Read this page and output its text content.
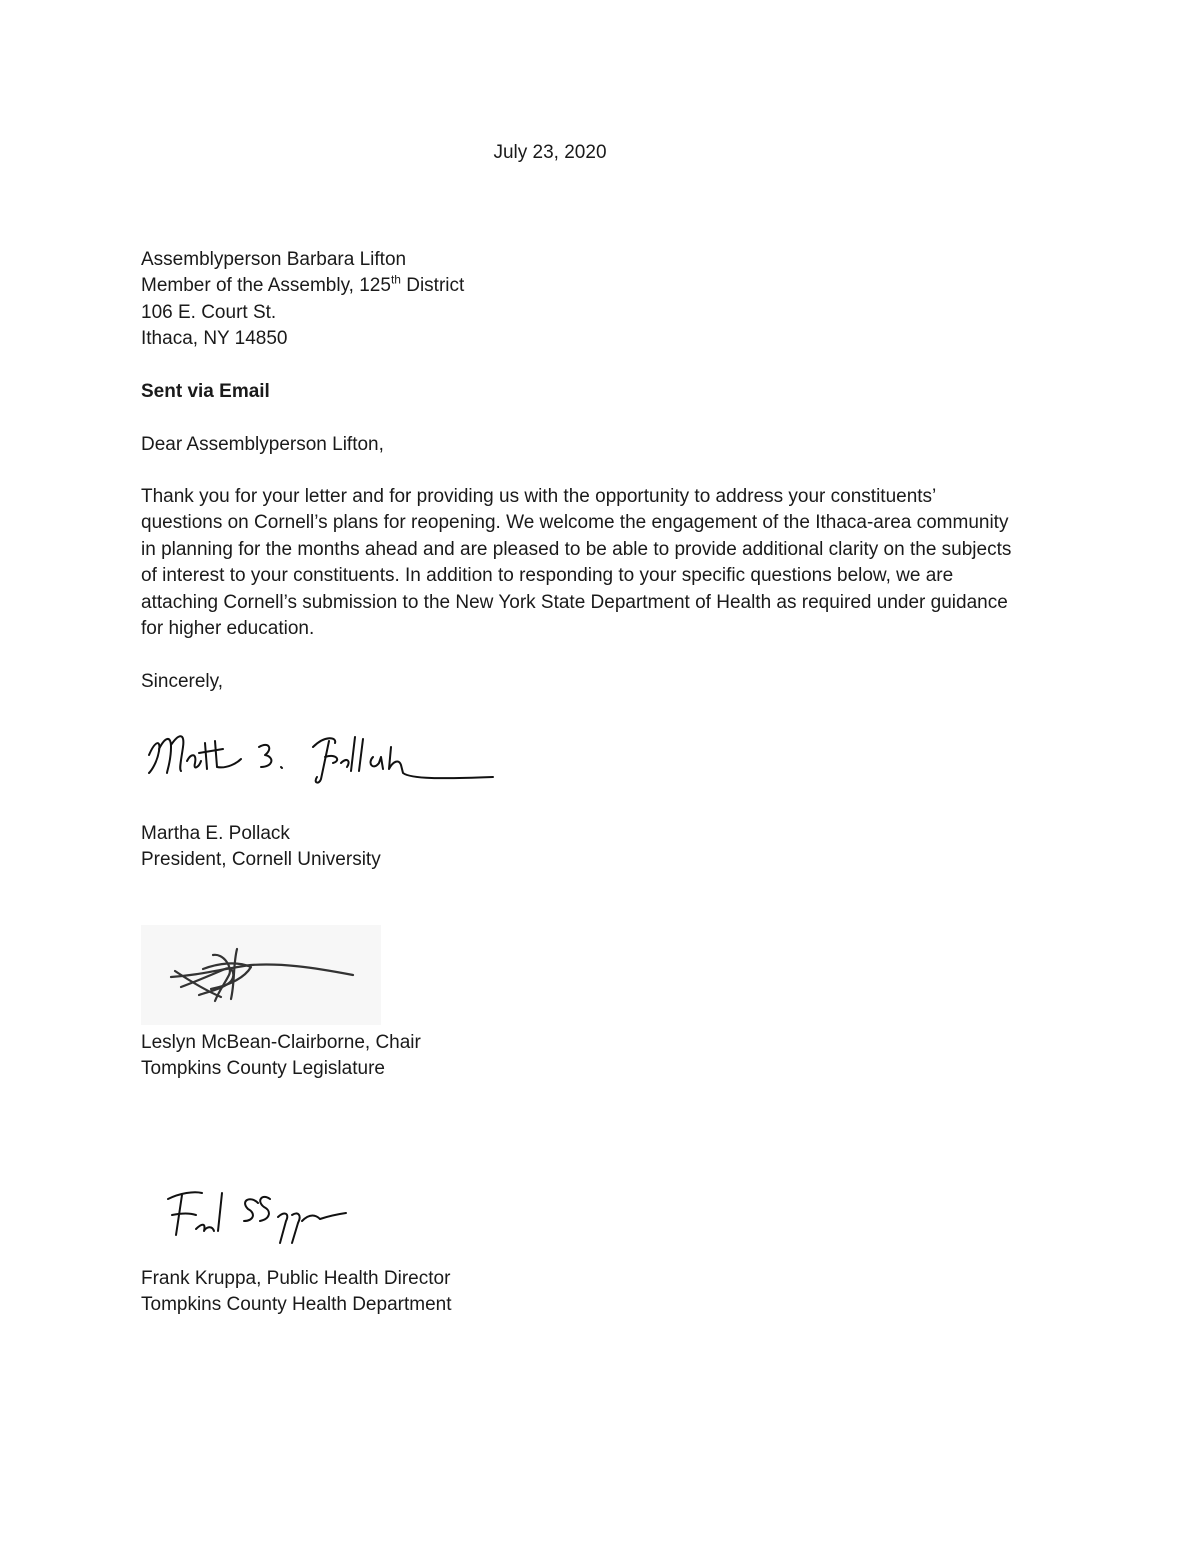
July 23, 2020
Assemblyperson Barbara Lifton
Member of the Assembly, 125th District
106 E. Court St.
Ithaca, NY 14850
Sent via Email
Dear Assemblyperson Lifton,
Thank you for your letter and for providing us with the opportunity to address your constituents’
questions on Cornell’s plans for reopening. We welcome the engagement of the Ithaca-area community
in planning for the months ahead and are pleased to be able to provide additional clarity on the subjects
of interest to your constituents. In addition to responding to your specific questions below, we are
attaching Cornell’s submission to the New York State Department of Health as required under guidance
for higher education.
Sincerely,
Martha E. Pollack
President, Cornell University
Leslyn McBean-Clairborne, Chair
Tompkins County Legislature
Frank Kruppa, Public Health Director
Tompkins County Health Department
